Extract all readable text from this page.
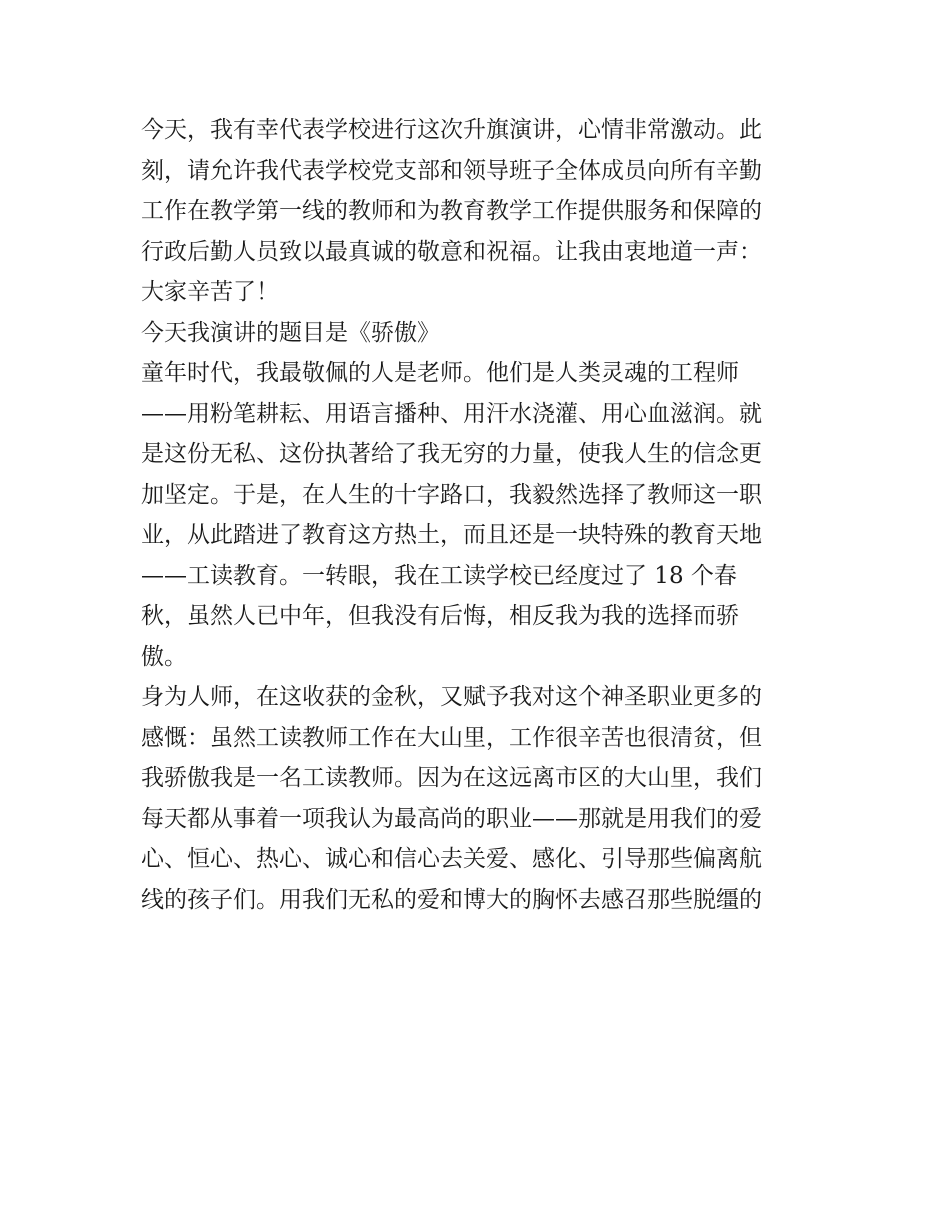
今天，我有幸代表学校进行这次升旗演讲，心情非常激动。此
刻，请允许我代表学校党支部和领导班子全体成员向所有辛勤
工作在教学第一线的教师和为教育教学工作提供服务和保障的
行政后勤人员致以最真诚的敬意和祝福。让我由衷地道一声：
大家辛苦了！
今天我演讲的题目是《骄傲》
童年时代，我最敬佩的人是老师。他们是人类灵魂的工程师
——用粉笔耕耘、用语言播种、用汗水浇灌、用心血滋润。就
是这份无私、这份执著给了我无穷的力量，使我人生的信念更
加坚定。于是，在人生的十字路口，我毅然选择了教师这一职
业，从此踏进了教育这方热土，而且还是一块特殊的教育天地
——工读教育。一转眼，我在工读学校已经度过了 18 个春
秋，虽然人已中年，但我没有后悔，相反我为我的选择而骄
傲。
身为人师，在这收获的金秋，又赋予我对这个神圣职业更多的
感慨：虽然工读教师工作在大山里，工作很辛苦也很清贫，但
我骄傲我是一名工读教师。因为在这远离市区的大山里，我们
每天都从事着一项我认为最高尚的职业——那就是用我们的爱
心、恒心、热心、诚心和信心去关爱、感化、引导那些偏离航
线的孩子们。用我们无私的爱和博大的胸怀去感召那些脱缰的
